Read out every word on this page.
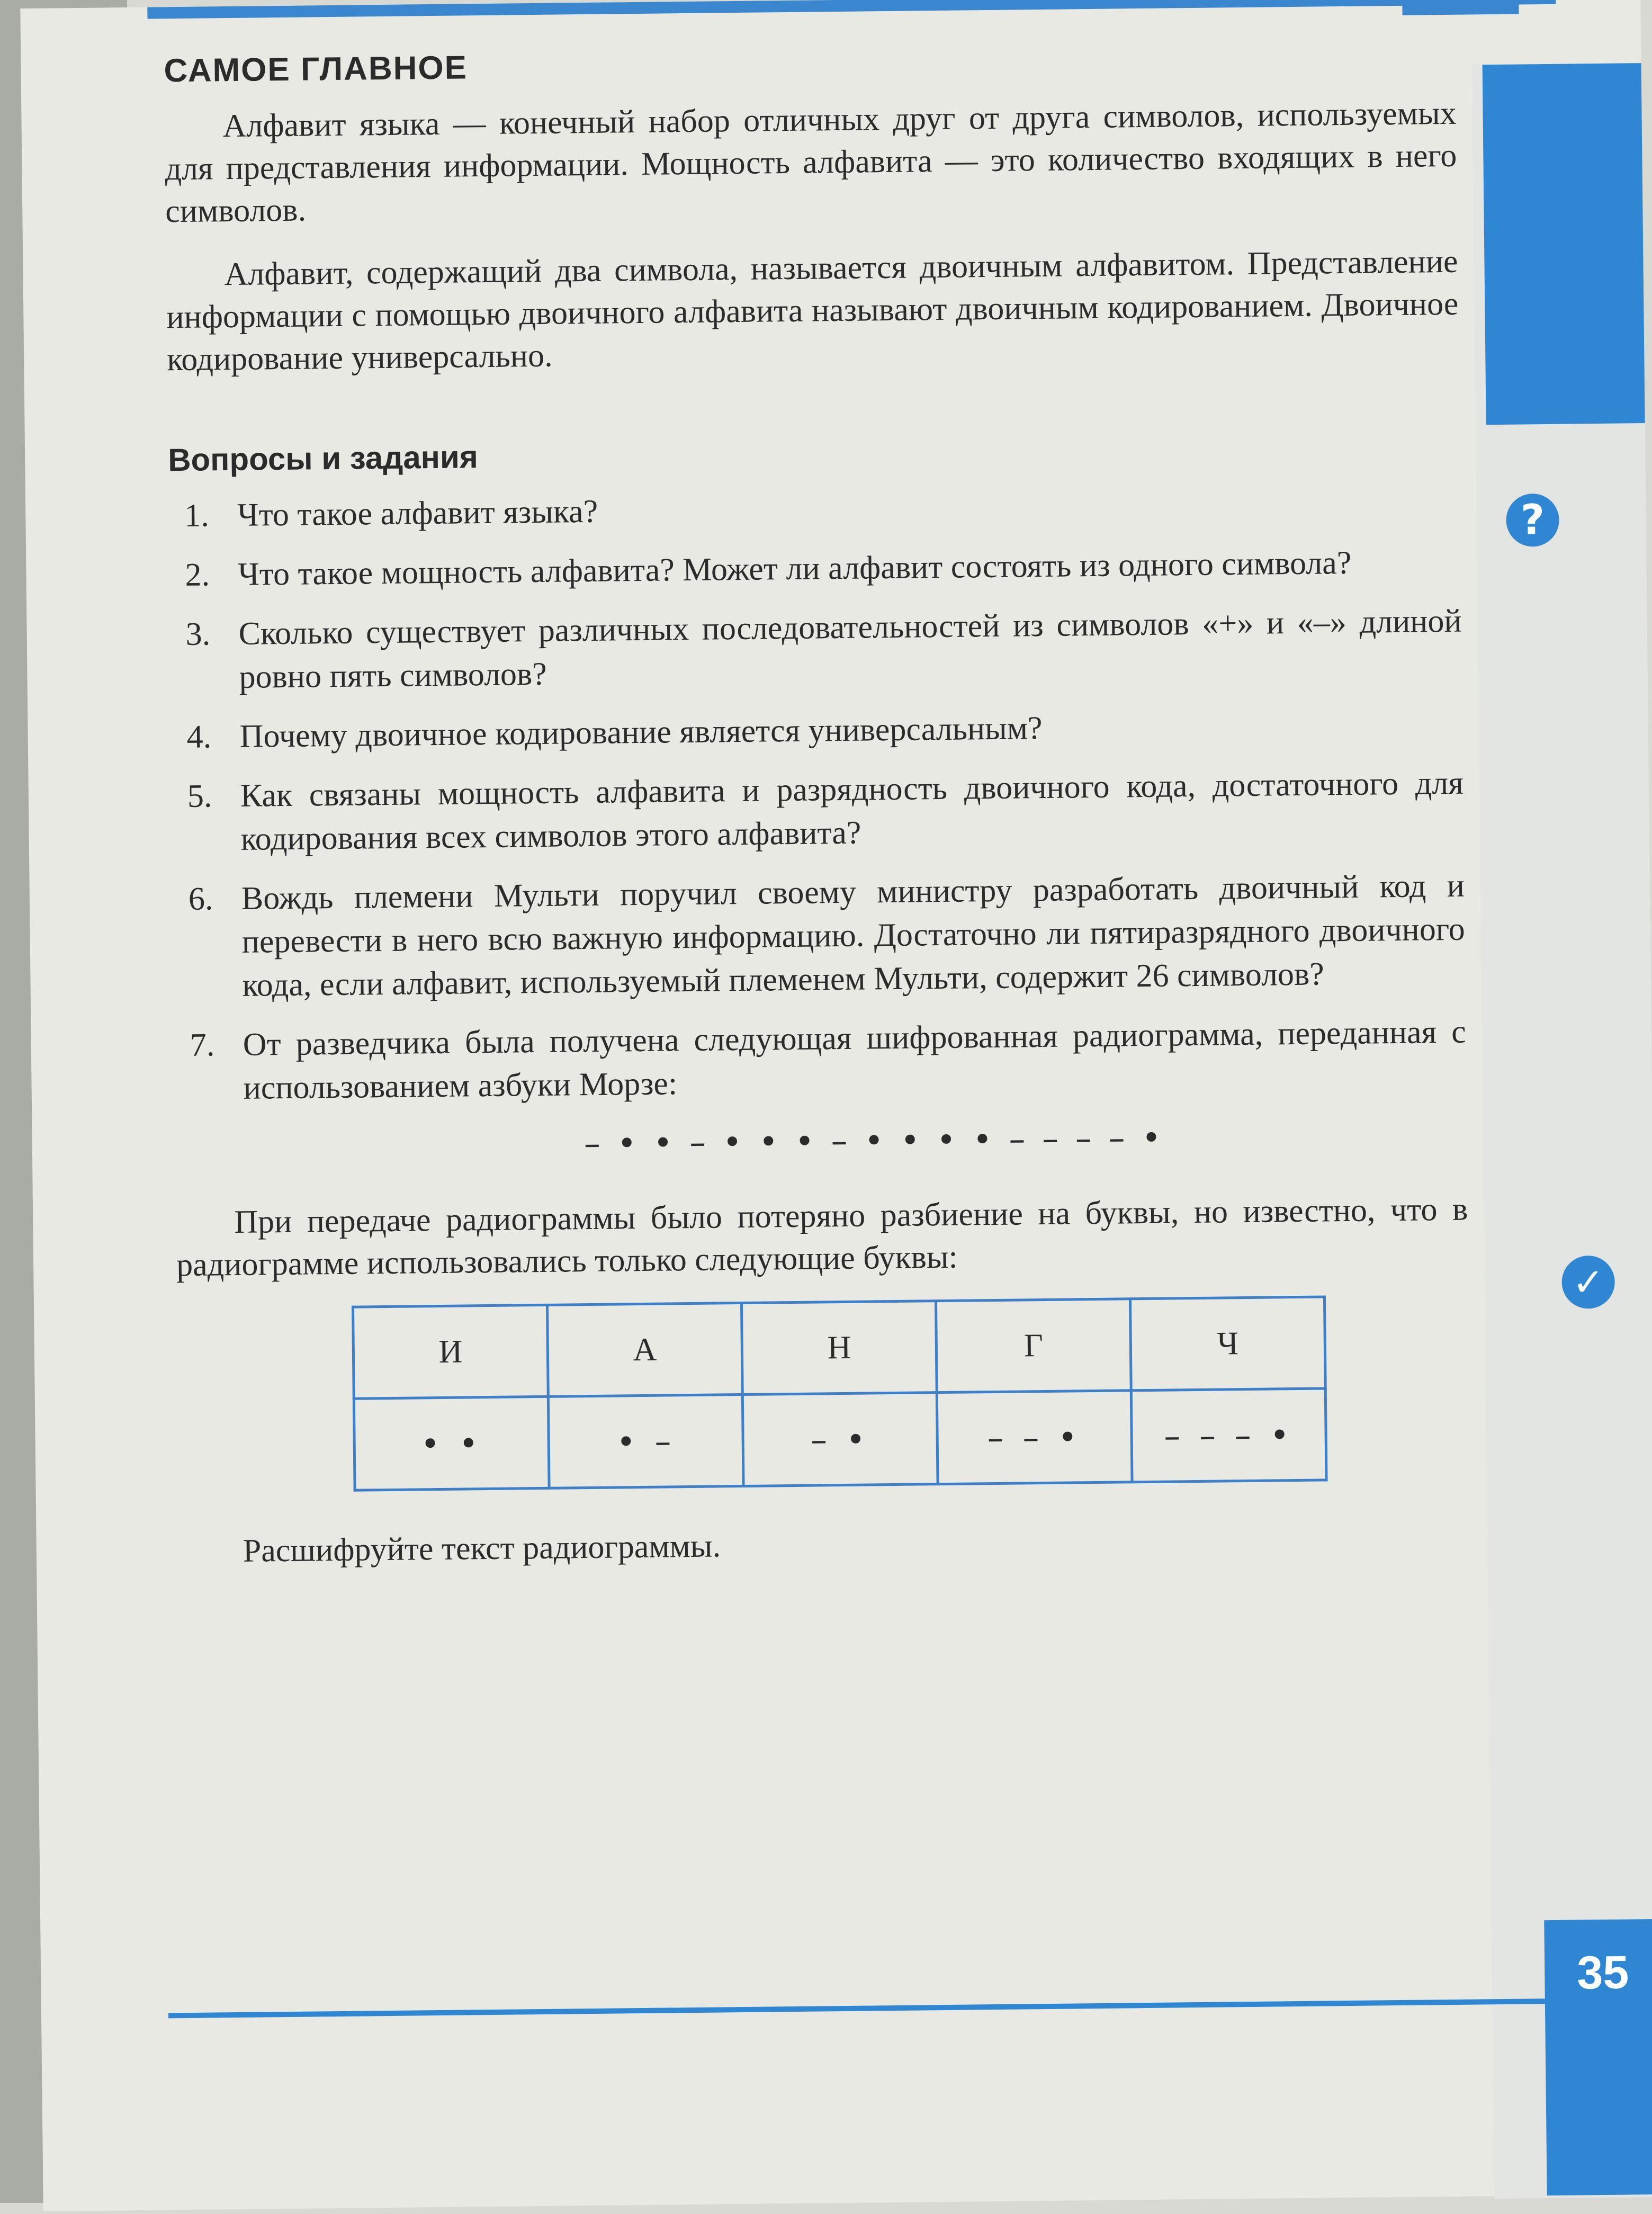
?
✓
САМОЕ ГЛАВНОЕ

Алфавит языка — конечный набор отличных друг от друга символов, используемых для представления информации. Мощность алфавита — это количество входящих в него символов.

Алфавит, содержащий два символа, называется двоичным алфавитом. Представление информации с помощью двоичного алфавита называют двоичным кодированием. Двоичное кодирование универсально.

Вопросы и задания
1. Что такое алфавит языка?
2. Что такое мощность алфавита? Может ли алфавит состоять из одного символа?
3. Сколько существует различных последовательностей из символов «+» и «–» длиной ровно пять символов?
4. Почему двоичное кодирование является универсальным?
5. Как связаны мощность алфавита и разрядность двоичного кода, достаточного для кодирования всех символов этого алфавита?
6. Вождь племени Мульти поручил своему министру разработать двоичный код и перевести в него всю важную информацию. Достаточно ли пятиразрядного двоичного кода, если алфавит, используемый племенем Мульти, содержит 26 символов?
7. От разведчика была получена следующая шифрованная радиограмма, переданная с использованием азбуки Морзе:
– • • – • • • – • • • • – – – – •

При передаче радиограммы было потеряно разбиение на буквы, но известно, что в радиограмме использовались только следующие буквы:

И	А	Н	Г	Ч
• •	• –	– •	– – •	– – – •

Расшифруйте текст радиограммы.

35
